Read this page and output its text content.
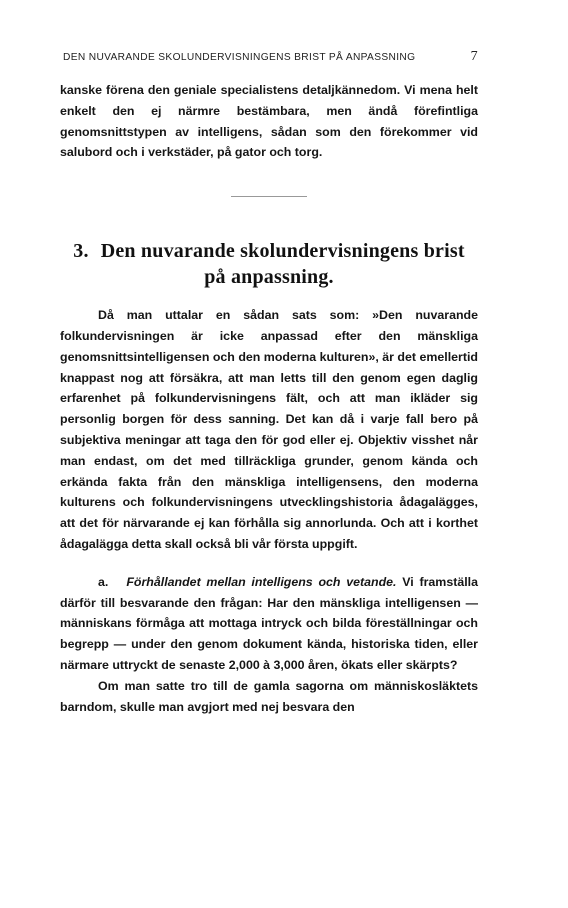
DEN NUVARANDE SKOLUNDERVISNINGENS BRIST PÅ ANPASSNING	7

kanske förena den geniale specialistens detaljkännedom. Vi mena helt enkelt den ej närmre bestämbara, men ändå förefintliga genomsnittstypen av intelligens, sådan som den förekommer vid salubord och i verkstäder, på gator och torg.

3. Den nuvarande skolundervisningens brist på anpassning.

Då man uttalar en sådan sats som: »Den nuvarande folkundervisningen är icke anpassad efter den mänskliga genomsnittsintelligensen och den moderna kulturen», är det emellertid knappast nog att försäkra, att man letts till den genom egen daglig erfarenhet på folkundervisningens fält, och att man ikläder sig personlig borgen för dess sanning. Det kan då i varje fall bero på subjektiva meningar att taga den för god eller ej. Objektiv visshet når man endast, om det med tillräckliga grunder, genom kända och erkända fakta från den mänskliga intelligensens, den moderna kulturens och folkundervisningens utvecklingshistoria ådagalägges, att det för närvarande ej kan förhålla sig annorlunda. Och att i korthet ådagalägga detta skall också bli vår första uppgift.

a. Förhållandet mellan intelligens och vetande. Vi framställa därför till besvarande den frågan: Har den mänskliga intelligensen — människans förmåga att mottaga intryck och bilda föreställningar och begrepp — under den genom dokument kända, historiska tiden, eller närmare uttryckt de senaste 2,000 à 3,000 åren, ökats eller skärpts?

Om man satte tro till de gamla sagorna om människosläktets barndom, skulle man avgjort med nej besvara den
